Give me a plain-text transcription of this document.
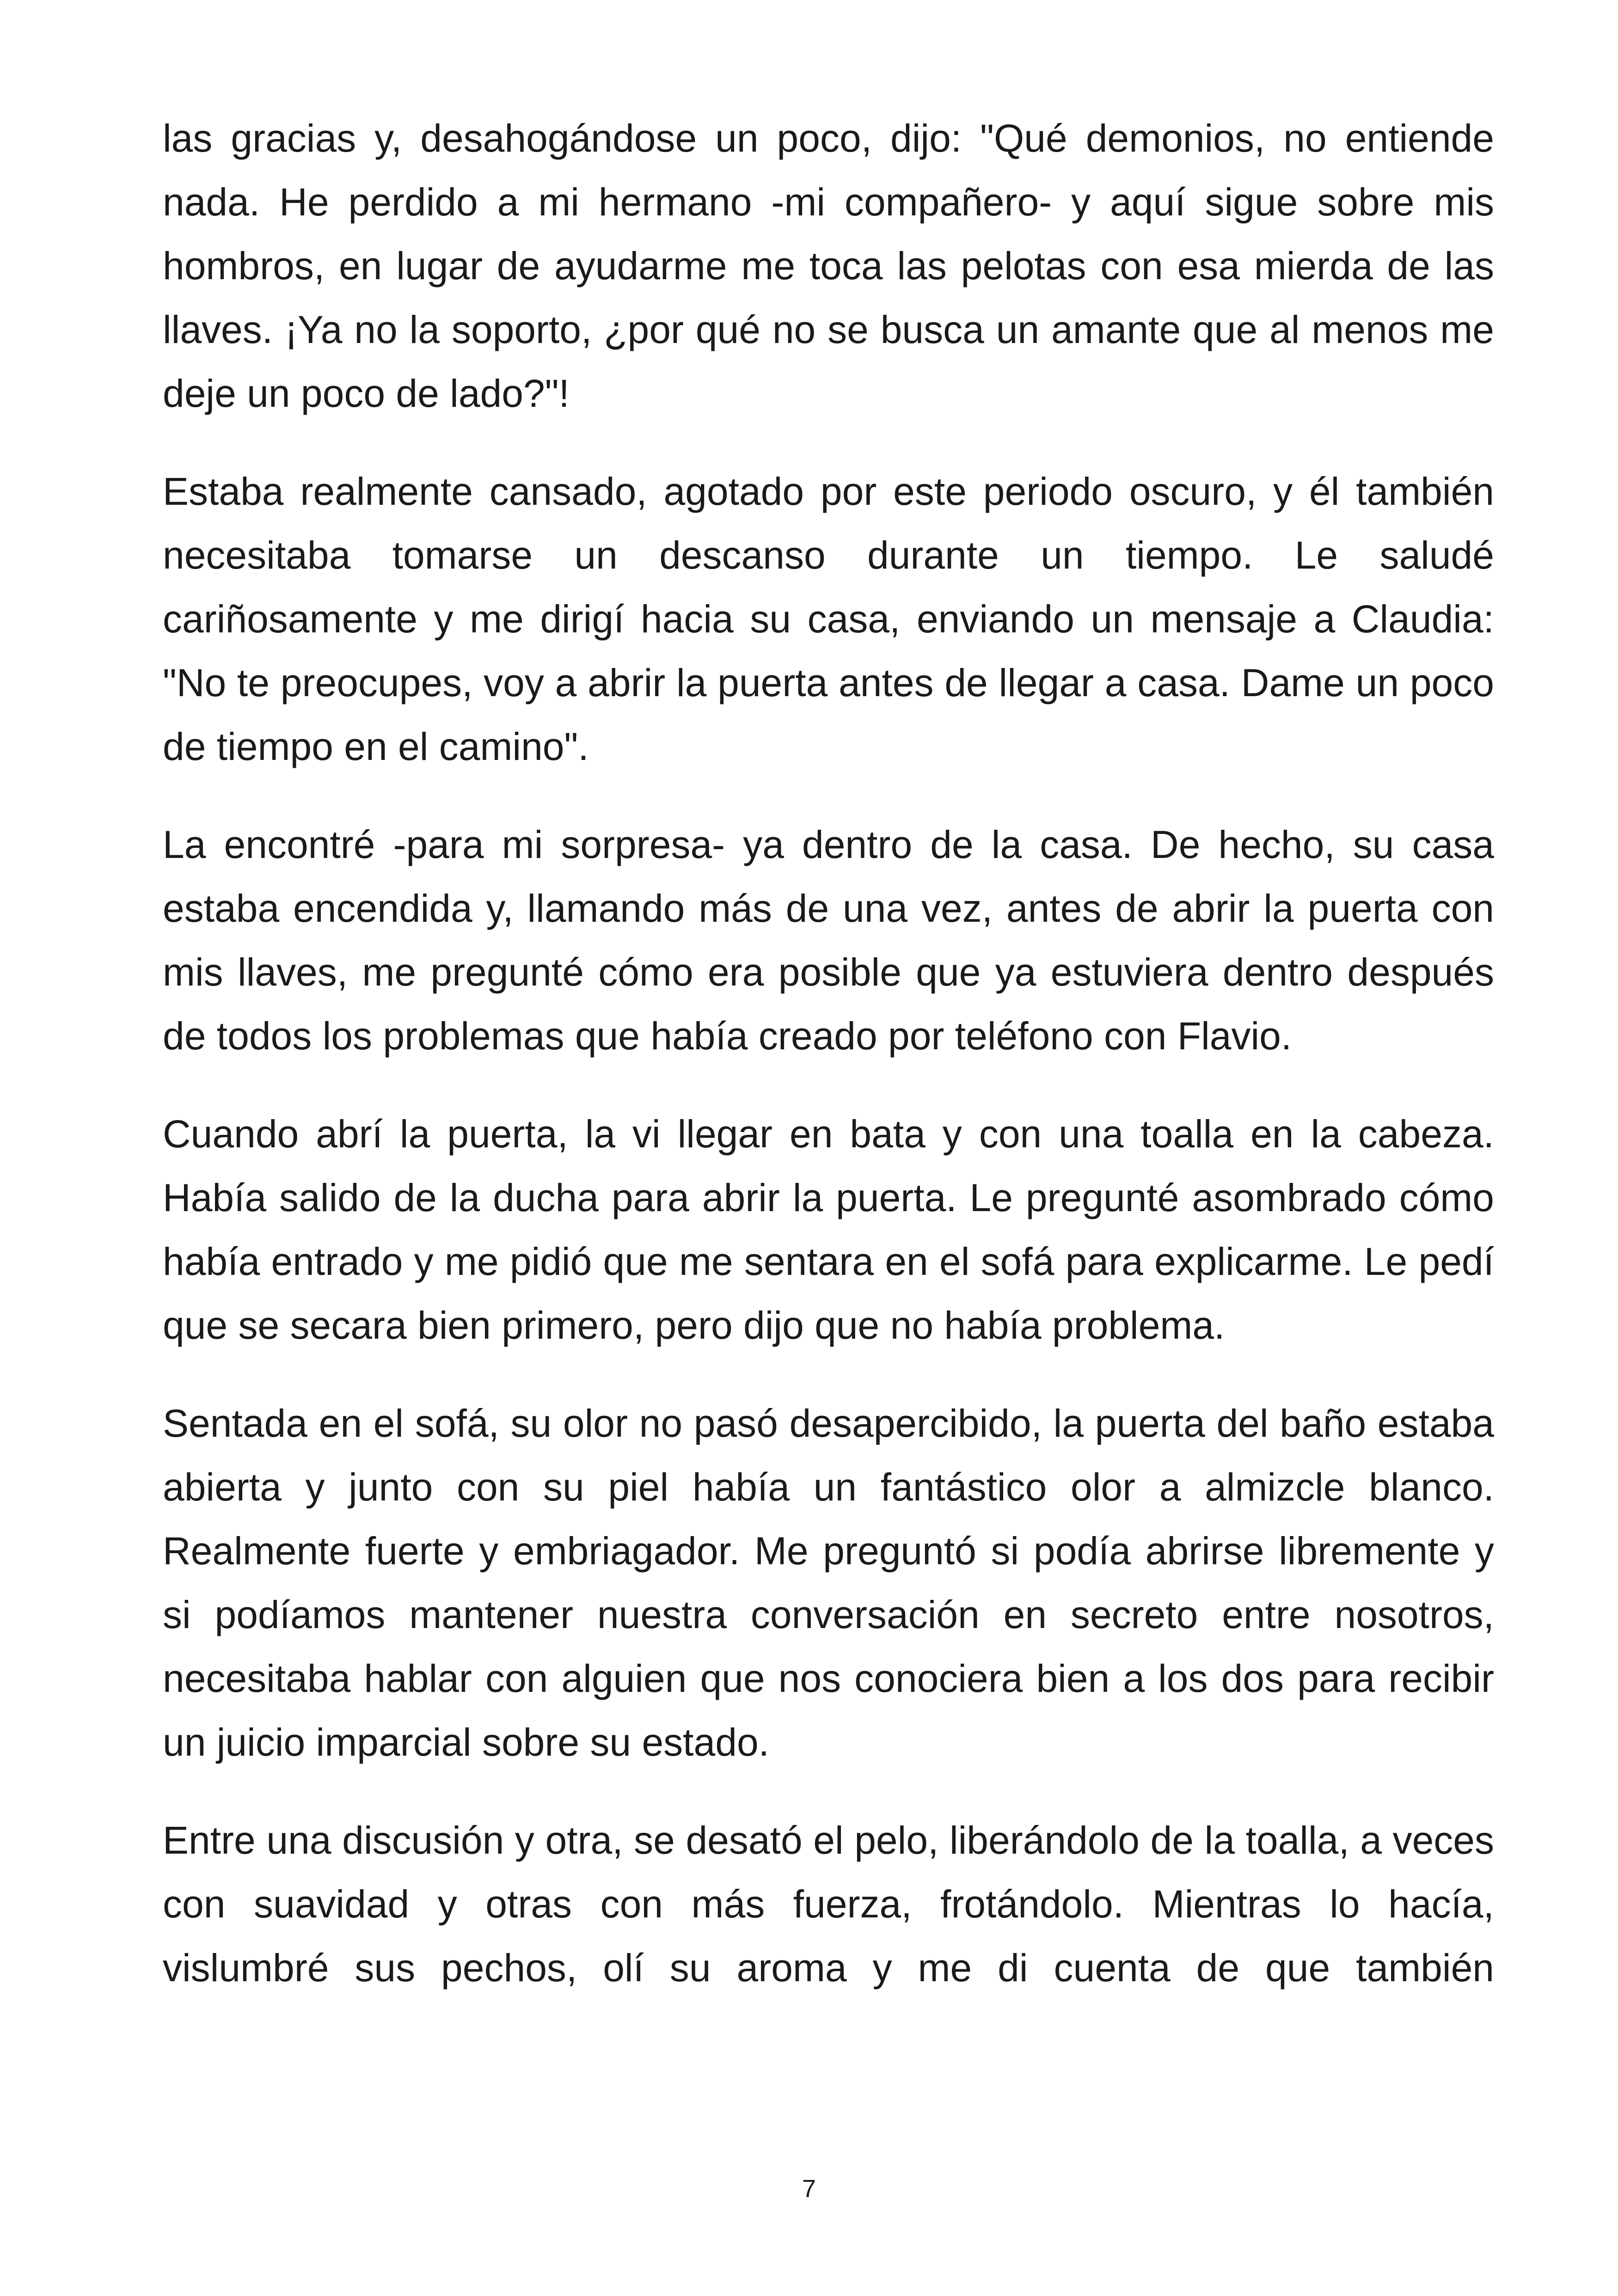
las gracias y, desahogándose un poco, dijo: "Qué demonios, no entiende nada. He perdido a mi hermano -mi compañero- y aquí sigue sobre mis hombros, en lugar de ayudarme me toca las pelotas con esa mierda de las llaves. ¡Ya no la soporto, ¿por qué no se busca un amante que al menos me deje un poco de lado?"!

Estaba realmente cansado, agotado por este periodo oscuro, y él también necesitaba tomarse un descanso durante un tiempo. Le saludé cariñosamente y me dirigí hacia su casa, enviando un mensaje a Claudia: "No te preocupes, voy a abrir la puerta antes de llegar a casa. Dame un poco de tiempo en el camino".

La encontré -para mi sorpresa- ya dentro de la casa. De hecho, su casa estaba encendida y, llamando más de una vez, antes de abrir la puerta con mis llaves, me pregunté cómo era posible que ya estuviera dentro después de todos los problemas que había creado por teléfono con Flavio.

Cuando abrí la puerta, la vi llegar en bata y con una toalla en la cabeza. Había salido de la ducha para abrir la puerta. Le pregunté asombrado cómo había entrado y me pidió que me sentara en el sofá para explicarme. Le pedí que se secara bien primero, pero dijo que no había problema.

Sentada en el sofá, su olor no pasó desapercibido, la puerta del baño estaba abierta y junto con su piel había un fantástico olor a almizcle blanco. Realmente fuerte y embriagador. Me preguntó si podía abrirse libremente y si podíamos mantener nuestra conversación en secreto entre nosotros, necesitaba hablar con alguien que nos conociera bien a los dos para recibir un juicio imparcial sobre su estado.

Entre una discusión y otra, se desató el pelo, liberándolo de la toalla, a veces con suavidad y otras con más fuerza, frotándolo. Mientras lo hacía, vislumbré sus pechos, olí su aroma y me di cuenta de que también

7
